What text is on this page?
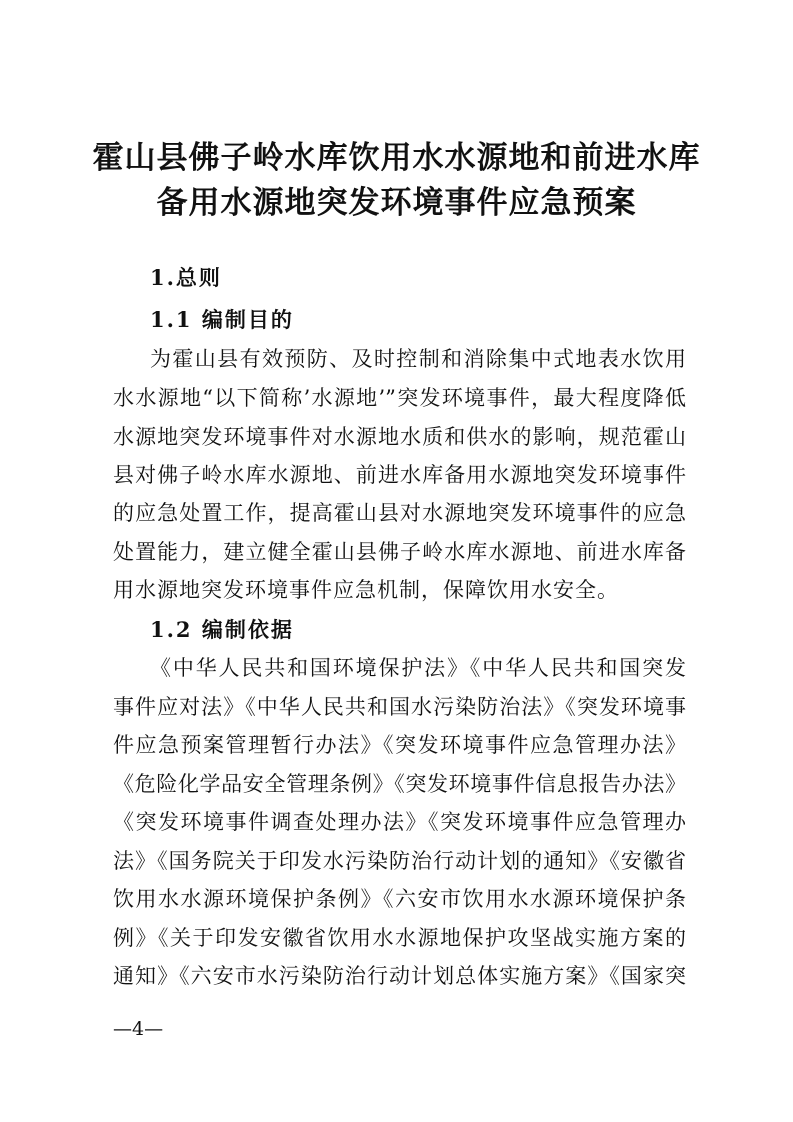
霍山县佛子岭水库饮用水水源地和前进水库
备用水源地突发环境事件应急预案
1.总则
1.1 编制目的
为霍山县有效预防、及时控制和消除集中式地表水饮用
水水源地“以下简称’水源地’”突发环境事件，最大程度降低
水源地突发环境事件对水源地水质和供水的影响，规范霍山
县对佛子岭水库水源地、前进水库备用水源地突发环境事件
的应急处置工作，提高霍山县对水源地突发环境事件的应急
处置能力，建立健全霍山县佛子岭水库水源地、前进水库备
用水源地突发环境事件应急机制，保障饮用水安全。
1.2 编制依据
《中华人民共和国环境保护法》《中华人民共和国突发
事件应对法》《中华人民共和国水污染防治法》《突发环境事
件应急预案管理暂行办法》《突发环境事件应急管理办法》
《危险化学品安全管理条例》《突发环境事件信息报告办法》
《突发环境事件调查处理办法》《突发环境事件应急管理办
法》《国务院关于印发水污染防治行动计划的通知》《安徽省
饮用水水源环境保护条例》《六安市饮用水水源环境保护条
例》《关于印发安徽省饮用水水源地保护攻坚战实施方案的
通知》《六安市水污染防治行动计划总体实施方案》《国家突
—4—
